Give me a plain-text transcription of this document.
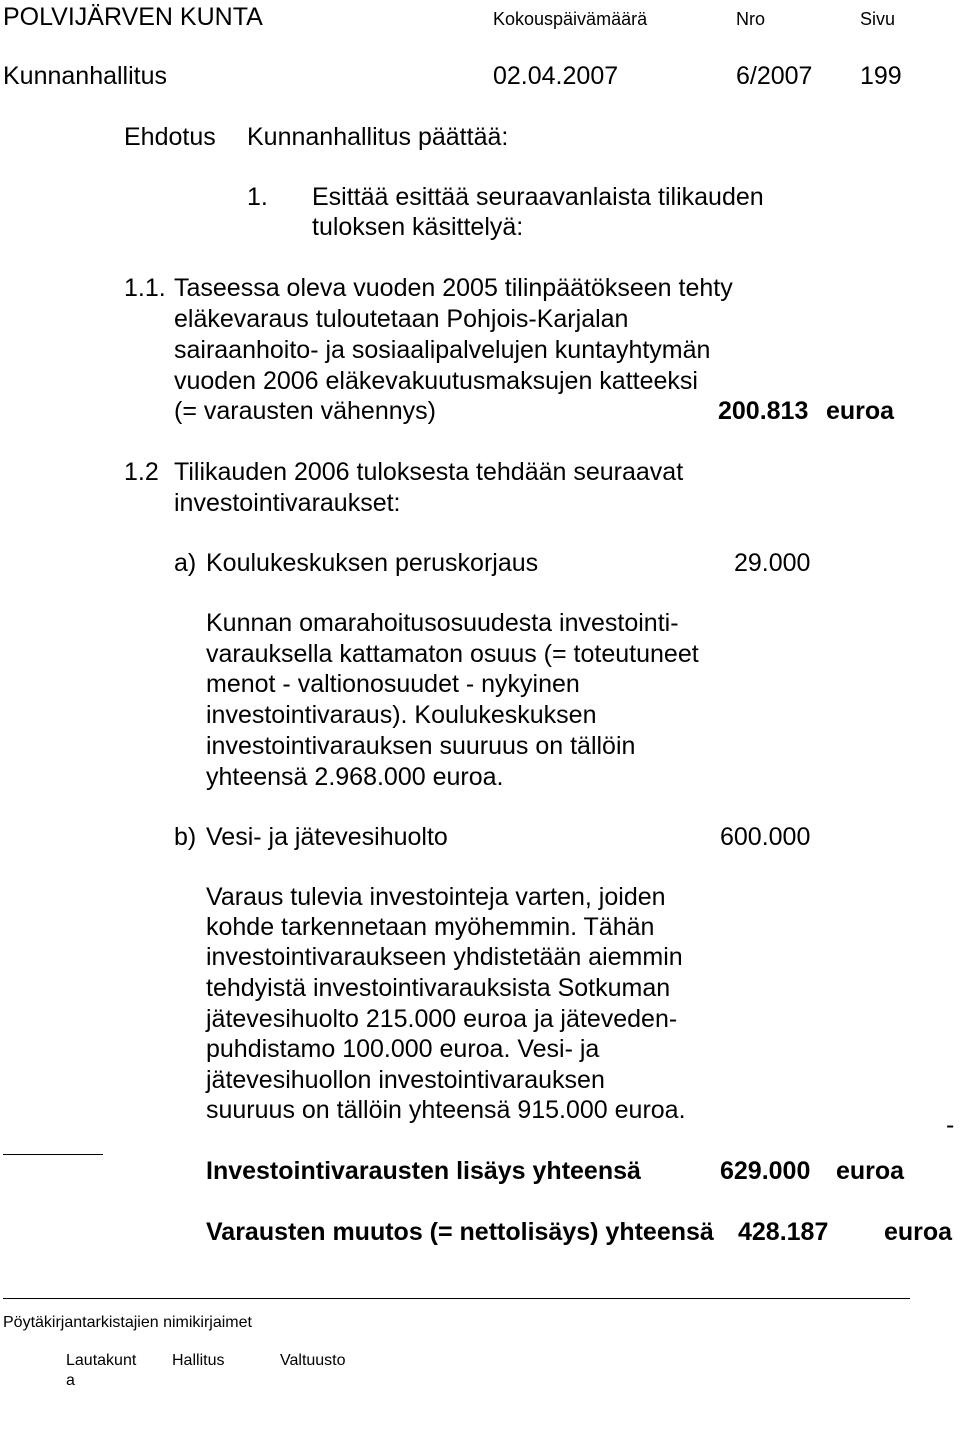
POLVIJÄRVEN KUNTA	Kokouspäivämäärä	Nro	Sivu
Kunnanhallitus	02.04.2007	6/2007 199
Ehdotus Kunnanhallitus päättää:
1. Esittää esittää seuraavanlaista tilikauden
tuloksen käsittelyä:
1.1. Taseessa oleva vuoden 2005 tilinpäätökseen tehty
eläkevaraus tuloutetaan Pohjois-Karjalan
sairaanhoito- ja sosiaalipalvelujen kuntayhtymän
vuoden 2006 eläkevakuutusmaksujen katteeksi
(= varausten vähennys)	200.813 euroa
1.2 Tilikauden 2006 tuloksesta tehdään seuraavat
investointivaraukset:
a) Koulukeskuksen peruskorjaus	29.000
Kunnan omarahoitusosuudesta investointi-
varauksella kattamaton osuus (= toteutuneet
menot - valtionosuudet - nykyinen
investointivaraus). Koulukeskuksen
investointivarauksen suuruus on tällöin
yhteensä 2.968.000 euroa.
b) Vesi- ja jätevesihuolto	600.000
Varaus tulevia investointeja varten, joiden
kohde tarkennetaan myöhemmin. Tähän
investointivaraukseen yhdistetään aiemmin
tehdyistä investointivarauksista Sotkuman
jätevesihuolto 215.000 euroa ja jäteveden-
puhdistamo 100.000 euroa. Vesi- ja
jätevesihuollon investointivarauksen
suuruus on tällöin yhteensä 915.000 euroa.
-
Investointivarausten lisäys yhteensä	629.000 euroa
Varausten muutos (= nettolisäys) yhteensä 428.187 euroa
Pöytäkirjantarkistajien nimikirjaimet
Lautakunt
a
Hallitus	Valtuusto
